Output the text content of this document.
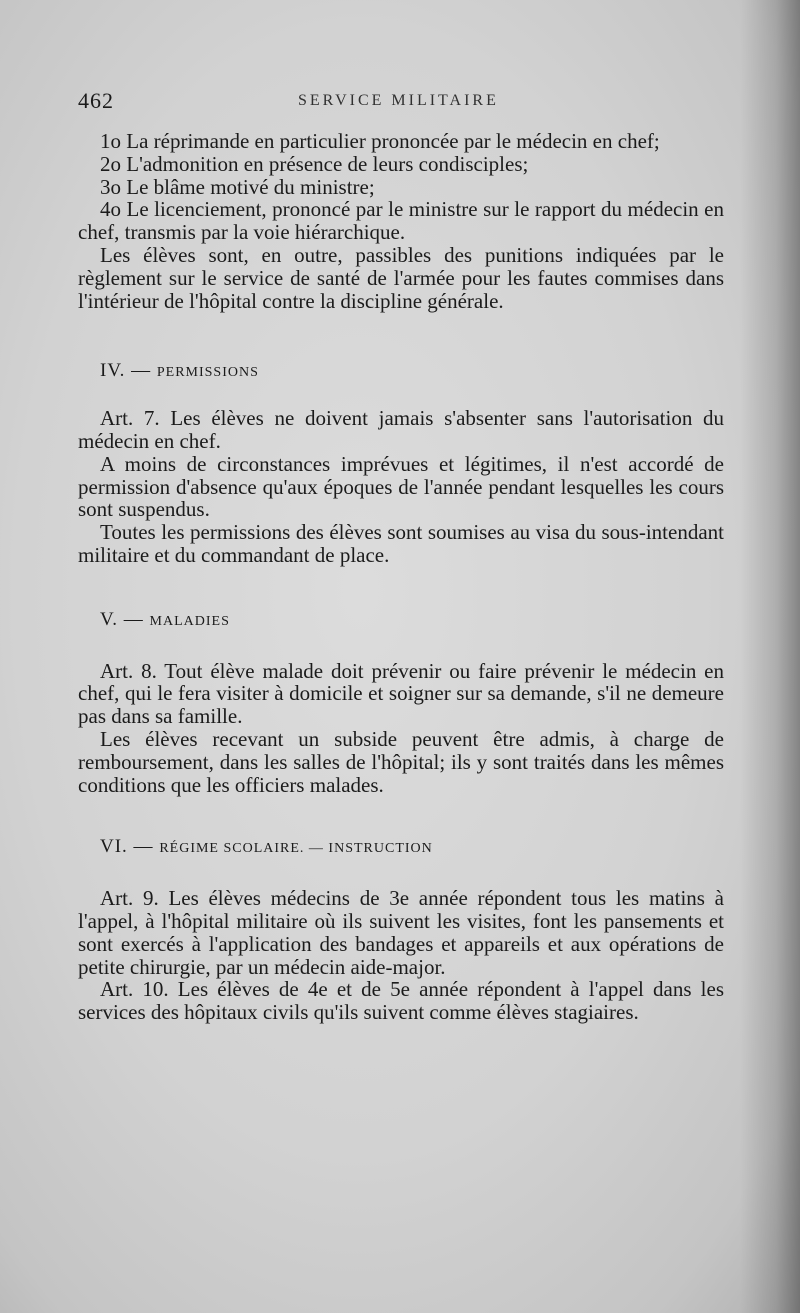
462	SERVICE MILITAIRE

1o La réprimande en particulier prononcée par le médecin en chef;

2o L'admonition en présence de leurs condisciples;

3o Le blâme motivé du ministre;

4o Le licenciement, prononcé par le ministre sur le rapport du médecin en chef, transmis par la voie hiérarchique.

Les élèves sont, en outre, passibles des punitions indiquées par le règlement sur le service de santé de l'armée pour les fautes commises dans l'intérieur de l'hôpital contre la discipline générale.

IV. — PERMISSIONS

Art. 7. Les élèves ne doivent jamais s'absenter sans l'autorisation du médecin en chef.

A moins de circonstances imprévues et légitimes, il n'est accordé de permission d'absence qu'aux époques de l'année pendant lesquelles les cours sont suspendus.

Toutes les permissions des élèves sont soumises au visa du sous-intendant militaire et du commandant de place.

V. — MALADIES

Art. 8. Tout élève malade doit prévenir ou faire prévenir le médecin en chef, qui le fera visiter à domicile et soigner sur sa demande, s'il ne demeure pas dans sa famille.

Les élèves recevant un subside peuvent être admis, à charge de remboursement, dans les salles de l'hôpital; ils y sont traités dans les mêmes conditions que les officiers malades.

VI. — RÉGIME SCOLAIRE. — INSTRUCTION

Art. 9. Les élèves médecins de 3e année répondent tous les matins à l'appel, à l'hôpital militaire où ils suivent les visites, font les pansements et sont exercés à l'application des bandages et appareils et aux opérations de petite chirurgie, par un médecin aide-major.

Art. 10. Les élèves de 4e et de 5e année répondent à l'appel dans les services des hôpitaux civils qu'ils suivent comme élèves stagiaires.
